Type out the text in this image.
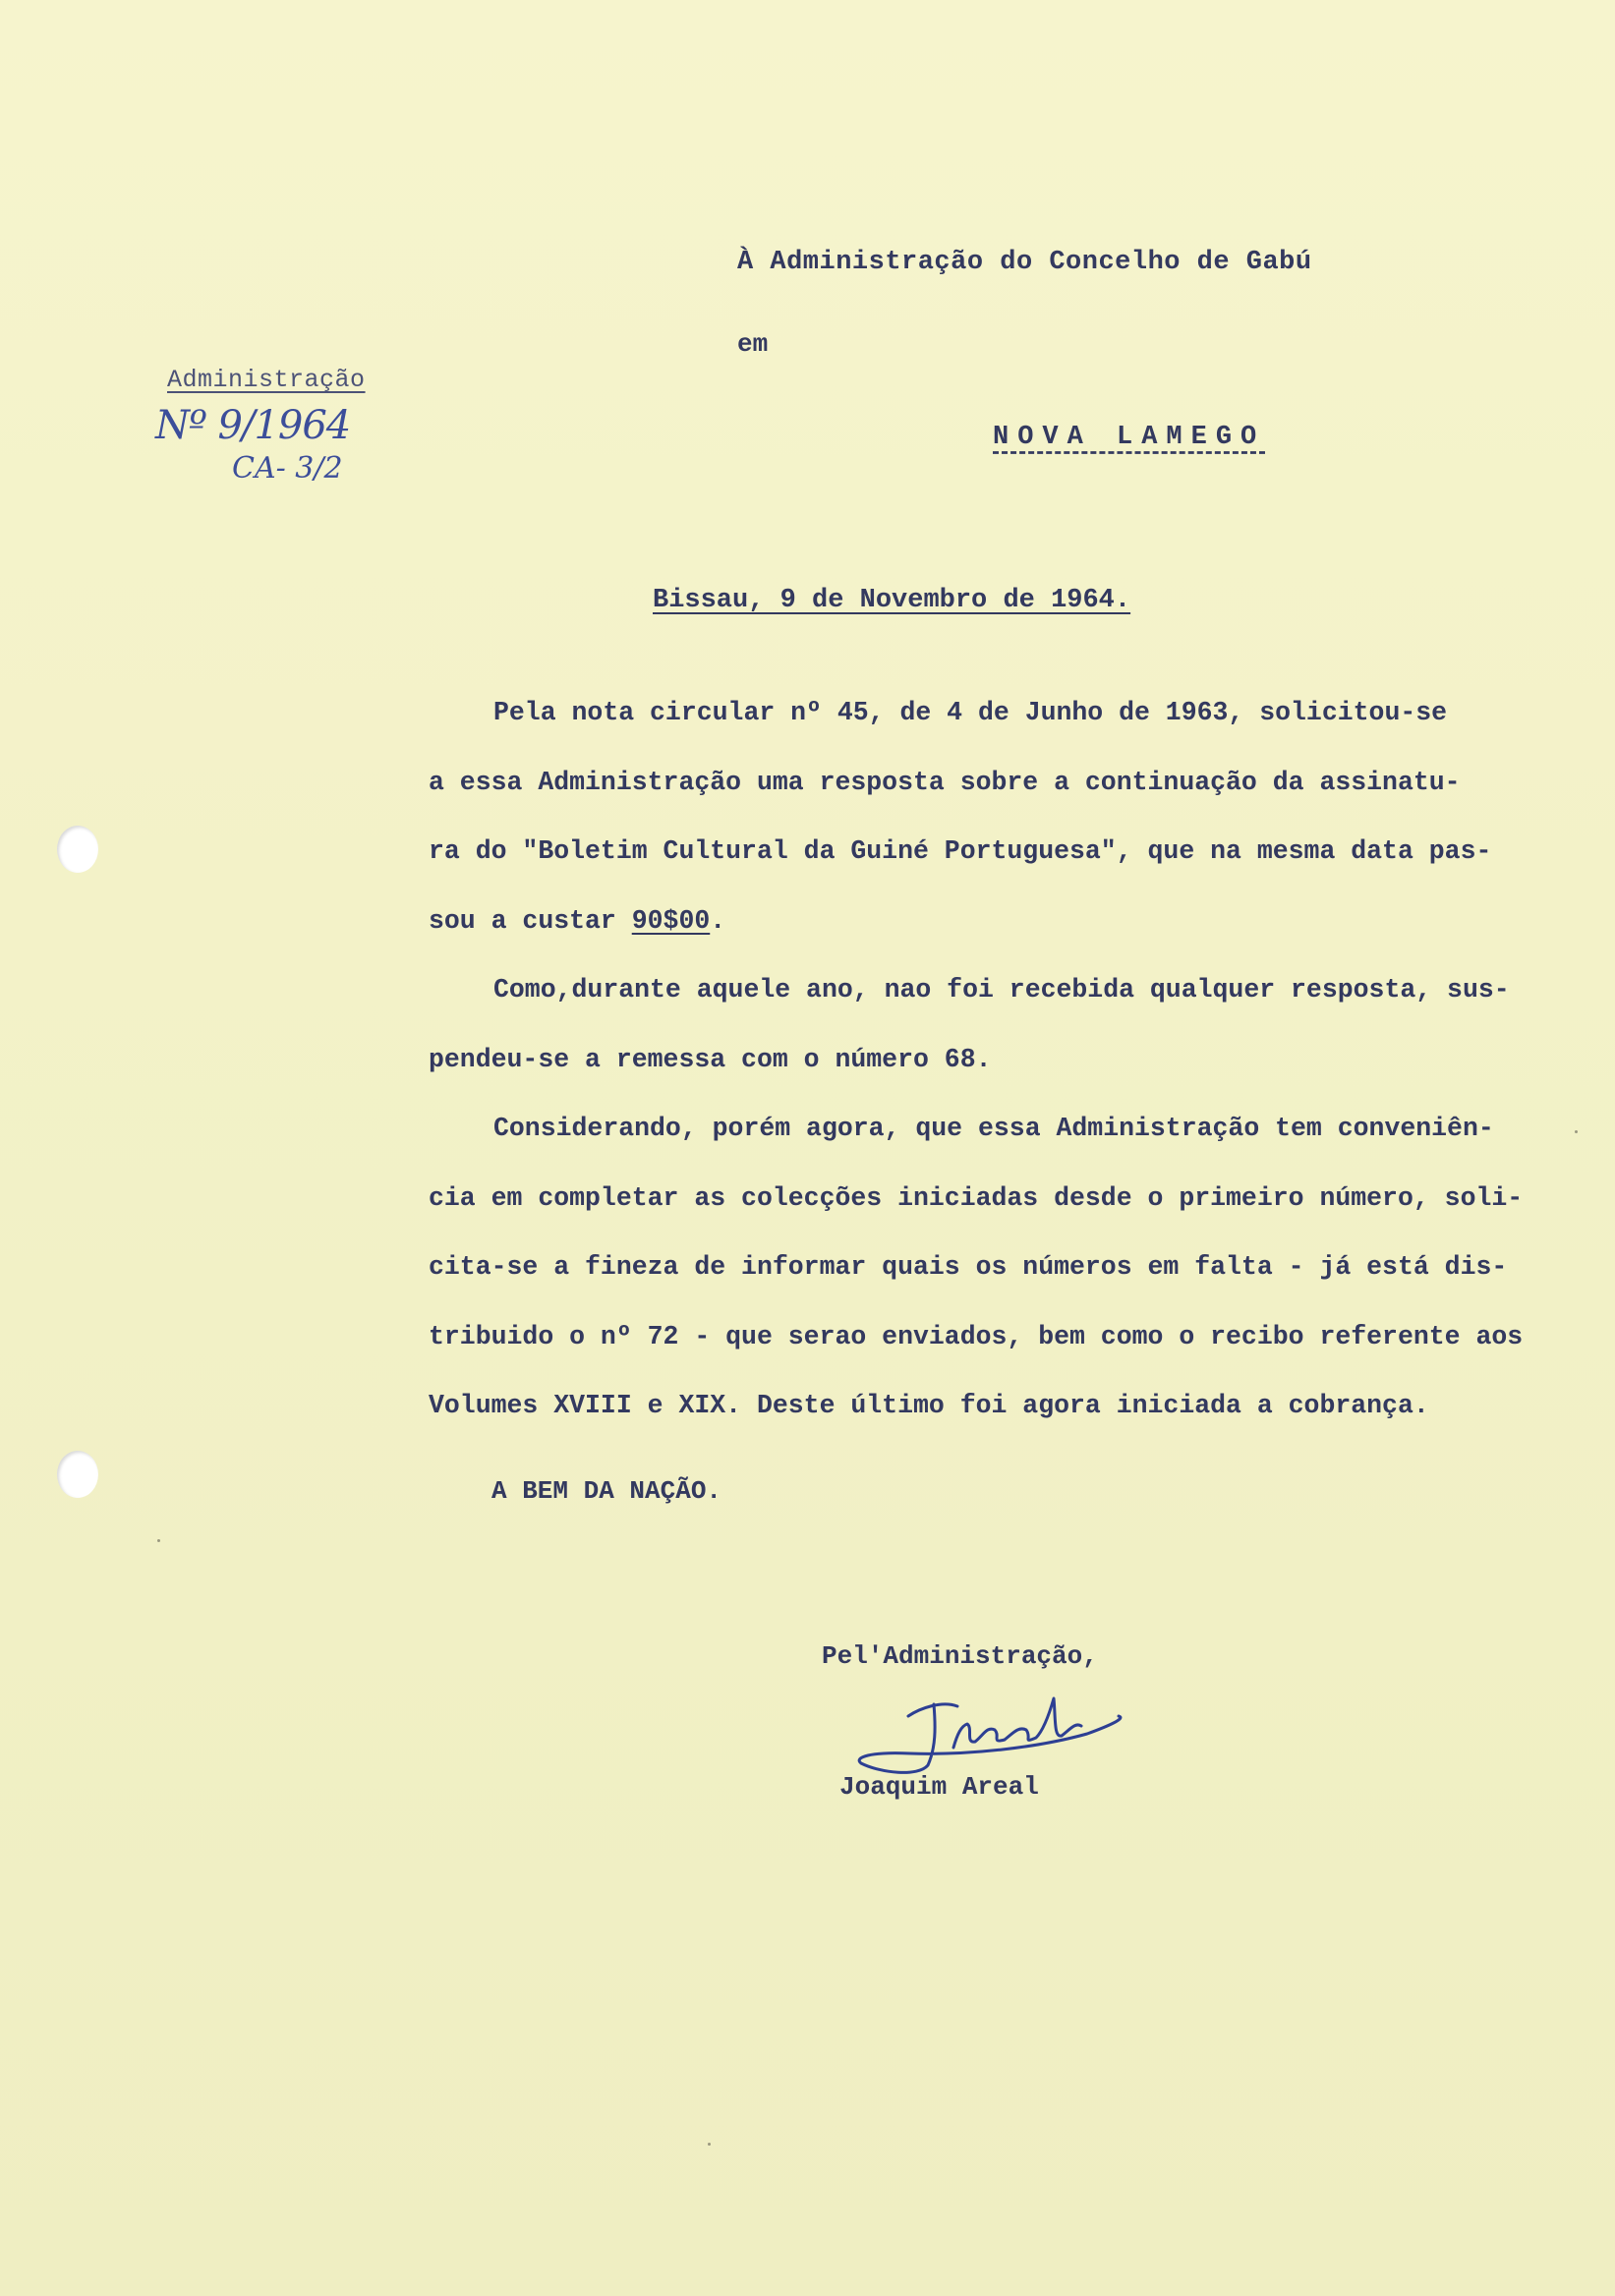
À Administração do Concelho de Gabú
em
NOVA LAMEGO
Administração
Nº 9/1964
CA- 3/2
Bissau, 9 de Novembro de 1964.
Pela nota circular nº 45, de 4 de Junho de 1963, solicitou-se
a essa Administração uma resposta sobre a continuação da assinatu-
ra do "Boletim Cultural da Guiné Portuguesa", que na mesma data pas-
sou a custar 90$00.
Como,durante aquele ano, nao foi recebida qualquer resposta, sus-
pendeu-se a remessa com o número 68.
Considerando, porém agora, que essa Administração tem conveniên-
cia em completar as colecções iniciadas desde o primeiro número, soli-
cita-se a fineza de informar quais os números em falta - já está dis-
tribuido o nº 72 - que serao enviados, bem como o recibo referente aos
Volumes XVIII e XIX. Deste último foi agora iniciada a cobrança.
A BEM DA NAÇÃO.
Pel'Administração,
Joaquim Areal
